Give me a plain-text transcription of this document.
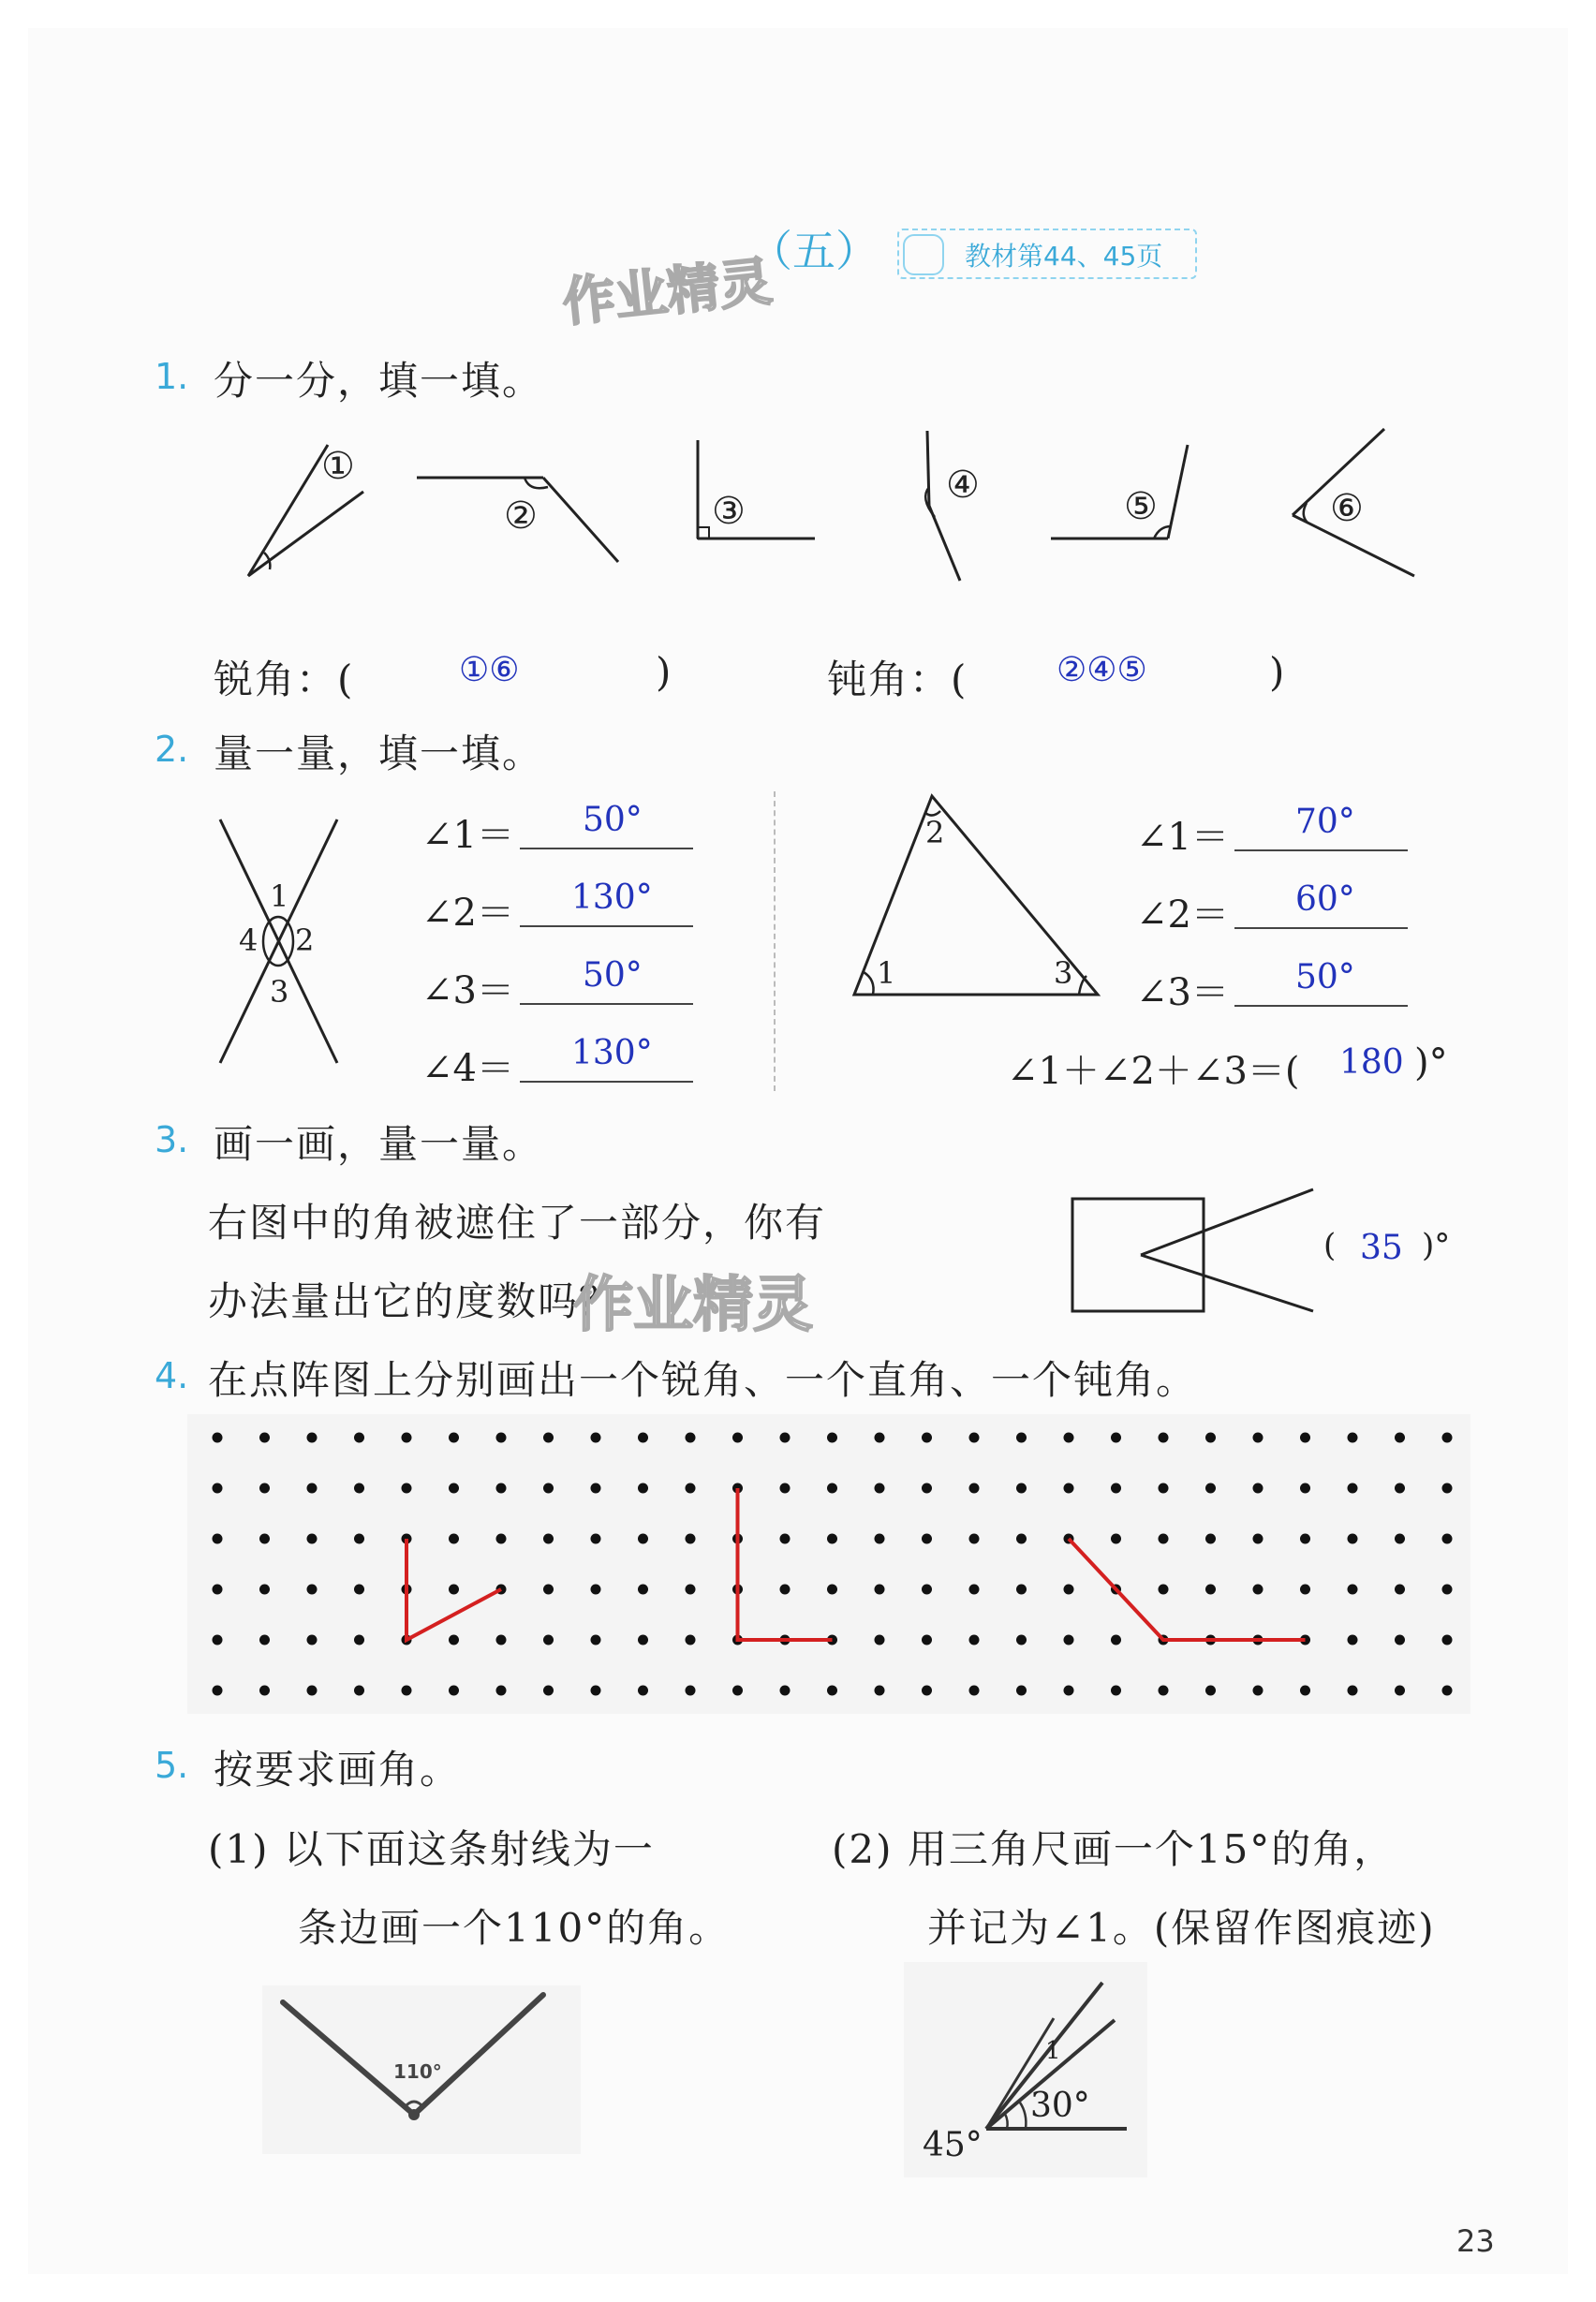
（五）	教材第44、45页
作业精灵
1. 分一分，填一填。
①
②	③
④	⑤	⑥
锐角：(	①⑥	)	钝角：(	②④⑤	)
2. 量一量，填一填。
1
2
3
4
∠1＝ 50°
∠2＝ 130°
∠3＝ 50°
∠4＝ 130°
1
2
3
∠1＝ 70°
∠2＝ 60°
∠3＝ 50°
∠1＋∠2＋∠3＝( 180 )°
3. 画一画，量一量。
右图中的角被遮住了一部分，你有
办法量出它的度数吗？
作业精灵
( 35 )°
4. 在点阵图上分别画出一个锐角、一个直角、一个钝角。
5. 按要求画角。
(1) 以下面这条射线为一
条边画一个110°的角。
(2) 用三角尺画一个15°的角，
并记为∠1。(保留作图痕迹)
110°
1
30°
45°
23
